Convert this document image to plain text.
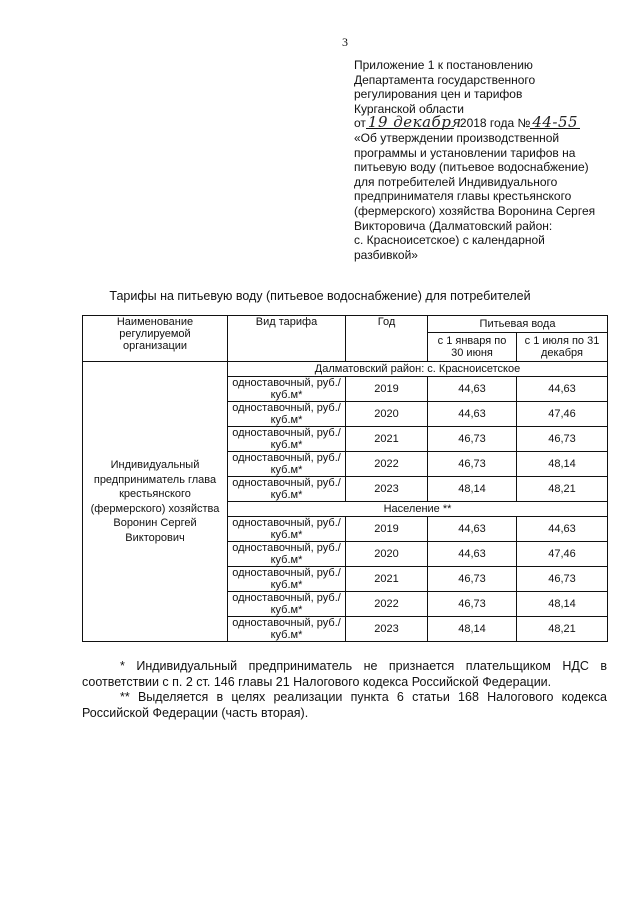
3
Приложение 1 к постановлению
Департамента государственного
регулирования цен и тарифов
Курганской области
от 19 декабря
2018 года № 44-55
«Об утверждении производственной
программы и установлении тарифов на
питьевую воду (питьевое водоснабжение)
для потребителей Индивидуального
предпринимателя главы крестьянского
(фермерского) хозяйства Воронина Сергея
Викторовича (Далматовский район:
с. Красноисетское) с календарной
разбивкой»
Тарифы на питьевую воду (питьевое водоснабжение) для потребителей
Наименование регулируемой организации	Вид тарифа	Год	Питьевая вода	
			с 1 января по 30 июня	с 1 июля по 31 декабря
Индивидуальный предприниматель глава крестьянского (фермерского) хозяйства Воронин Сергей Викторович	Далматовский район: с. Красноисетское			
	одноставочный, руб./куб.м*	2019	44,63	44,63
	одноставочный, руб./куб.м*	2020	44,63	47,46
	одноставочный, руб./куб.м*	2021	46,73	46,73
	одноставочный, руб./куб.м*	2022	46,73	48,14
	одноставочный, руб./куб.м*	2023	48,14	48,21
	Население **			
	одноставочный, руб./куб.м*	2019	44,63	44,63
	одноставочный, руб./куб.м*	2020	44,63	47,46
	одноставочный, руб./куб.м*	2021	46,73	46,73
	одноставочный, руб./куб.м*	2022	46,73	48,14
	одноставочный, руб./куб.м*	2023	48,14	48,21
* Индивидуальный предприниматель не признается плательщиком НДС в
соответствии с п. 2 ст. 146 главы 21 Налогового кодекса Российской Федерации.
** Выделяется в целях реализации пункта 6 статьи 168 Налогового кодекса
Российской Федерации (часть вторая).
